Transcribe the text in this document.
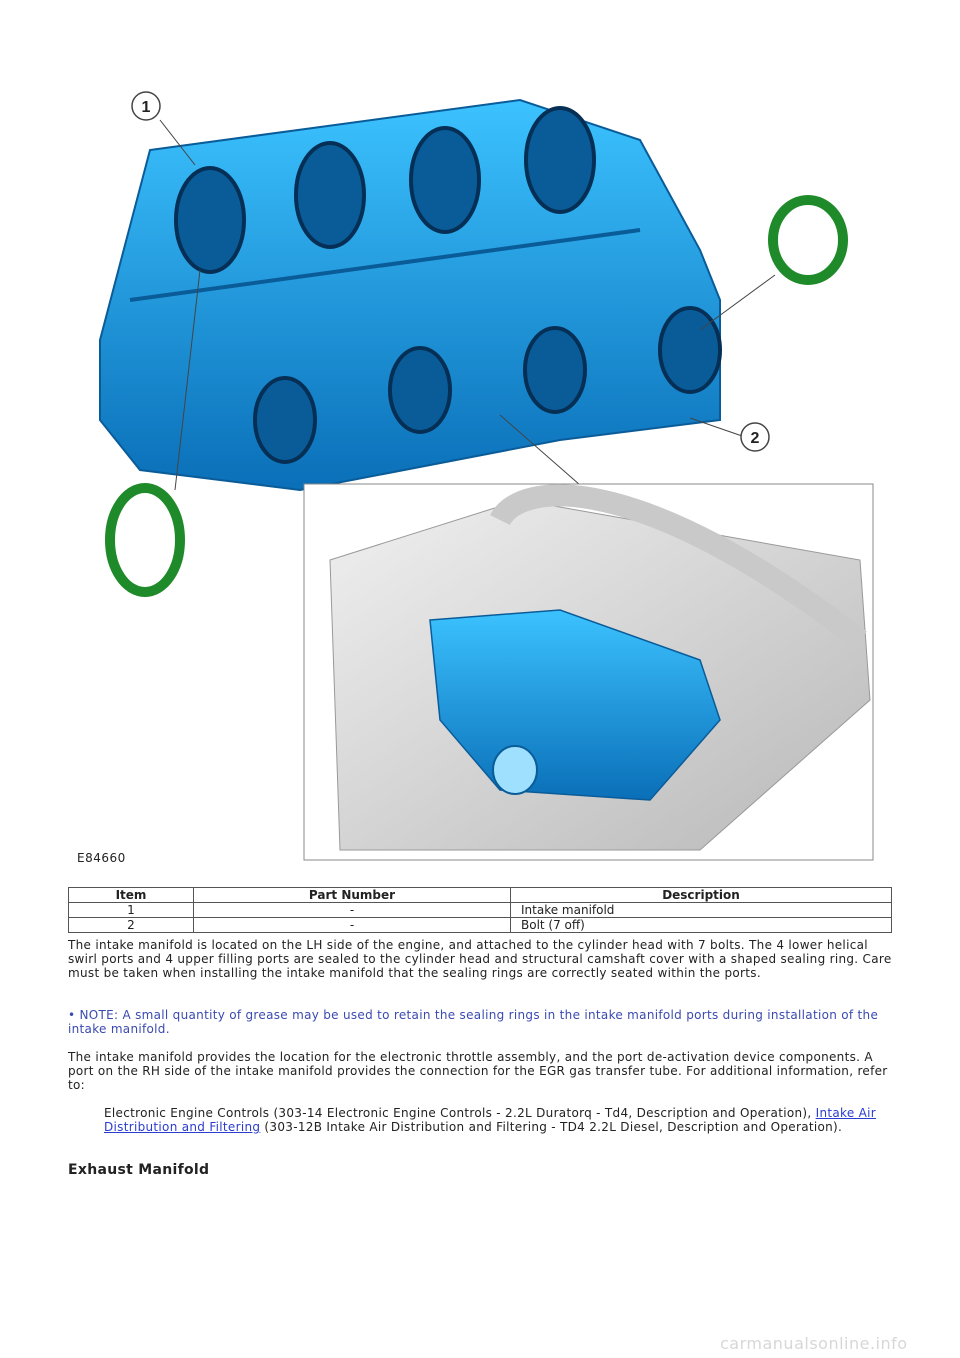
1
2
E84660
Item	Part Number	Description
1	-	Intake manifold
2	-	Bolt (7 off)
The intake manifold is located on the LH side of the engine, and attached to the cylinder head with 7 bolts. The 4 lower helical swirl ports and 4 upper filling ports are sealed to the cylinder head and structural camshaft cover with a shaped sealing ring. Care must be taken when installing the intake manifold that the sealing rings are correctly seated within the ports.
• NOTE: A small quantity of grease may be used to retain the sealing rings in the intake manifold ports during installation of the intake manifold.
The intake manifold provides the location for the electronic throttle assembly, and the port de-activation device components. A port on the RH side of the intake manifold provides the connection for the EGR gas transfer tube. For additional information, refer to:
Electronic Engine Controls (303-14 Electronic Engine Controls - 2.2L Duratorq - Td4, Description and Operation), Intake Air Distribution and Filtering (303-12B Intake Air Distribution and Filtering - TD4 2.2L Diesel, Description and Operation).
Exhaust Manifold
carmanualsonline.info
